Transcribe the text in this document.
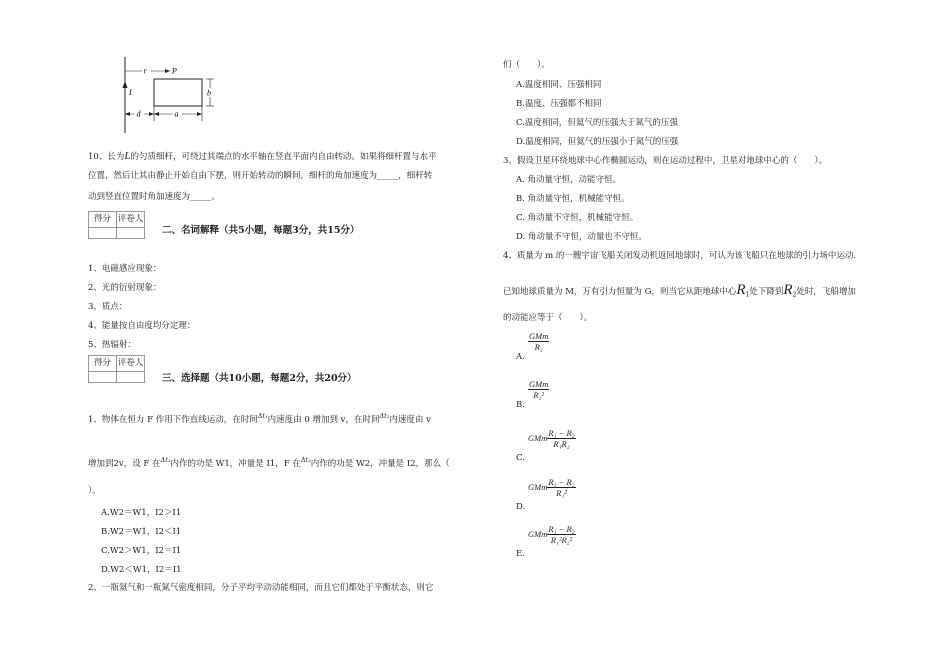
r	P
I	b
d	a
10、长为L的匀质细杆，可绕过其端点的水平轴在竖直平面内自由转动。如果将细杆置与水平
位置，然后让其由静止开始自由下摆，则开始转动的瞬间，细杆的角加速度为_____，细杆转
动到竖直位置时角加速度为_____。
得分 评卷人
二、名词解释（共5小题，每题3分，共15分）
1、电磁感应现象：
2、光的衍射现象：
3、质点：
4、能量按自由度均分定理：
5、热辐射：
得分 评卷人
三、选择题（共10小题，每题2分，共20分）
1、物体在恒力 F 作用下作直线运动，在时间$^{\Delta t_1}$内速度由 0 增加到 v，在时间$^{\Delta t_2}$内速度由 v
增加到2v，设 F 在$^{\Delta t_1}$内作的功是 W1，冲量是 I1，F 在$^{\Delta t_2}$内作的功是 W2，冲量是 I2，那么（
）。
A.W2＝W1，I2＞I1
B.W2＝W1，I2＜I1
C.W2＞W1，I2＝I1
D.W2＜W1，I2＝I1
2、一瓶氦气和一瓶氮气密度相同，分子平均平动动能相同，而且它们都处于平衡状态，则它
们（　　）。
A.温度相同、压强相同
B.温度、压强都不相同
C.温度相同，但氦气的压强大于氮气的压强
D.温度相同，但氦气的压强小于氮气的压强
3、假设卫星环绕地球中心作椭圆运动，则在运动过程中，卫星对地球中心的（　　）。
A. 角动量守恒，动能守恒。
B. 角动量守恒，机械能守恒。
C. 角动量不守恒，机械能守恒。
D. 角动量不守恒，动量也不守恒。
4、质量为 m 的一艘宇宙飞船关闭发动机返回地球时，可认为该飞船只在地球的引力场中运动.
已知地球质量为 M，万有引力恒量为 G，则当它从距地球中心$R_1$处下降到$R_2$处时，飞船增加
的动能应等于（　　）。
A.
$\frac{\text{GMm}}{\text{R₂}}$
B.
$\frac{\text{GMm}}{\text{R₂²}}$
$C.GMm \frac{\text{R₁ − R₂}}{\text{R₁R₂}}$
$D.GMm \frac{\text{R₁ − R₂}}{\text{R₁²}}$
$E.GMm \frac{\text{R₁ − R₂}}{\text{R₁²R₂²}}$
